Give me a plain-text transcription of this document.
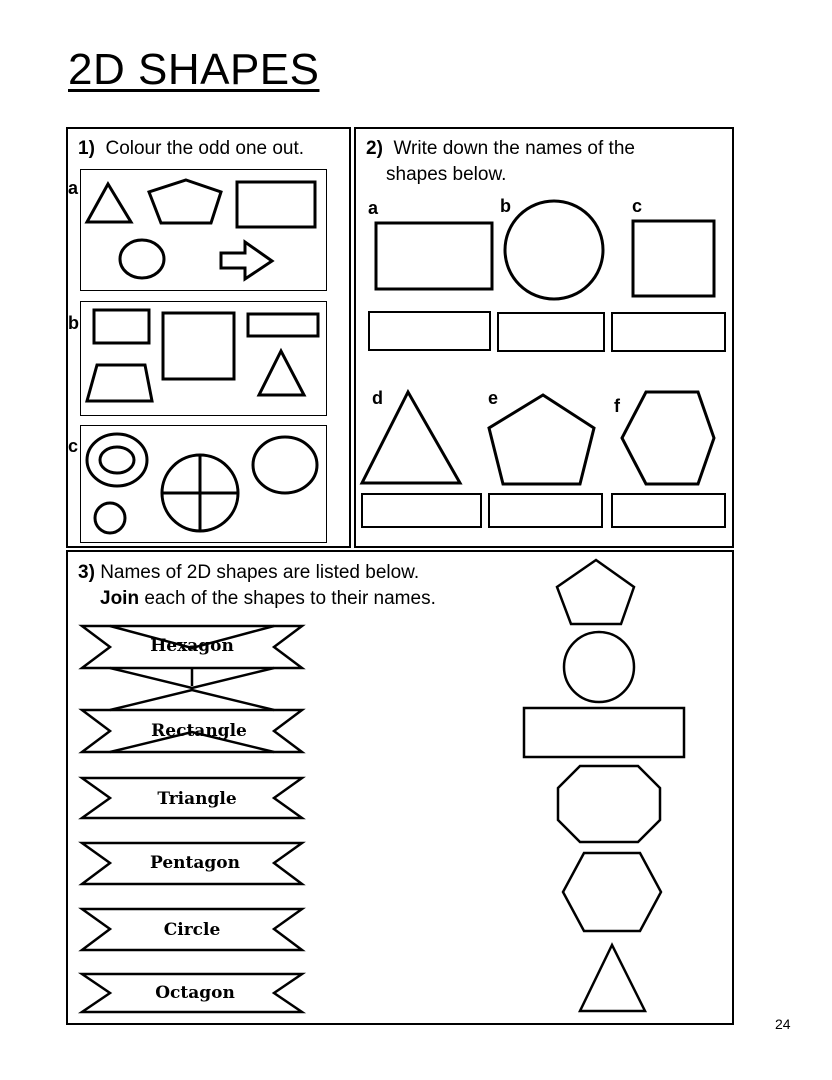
2D SHAPES
1) Colour the odd one out.
a
b
c
2) Write down the names of the
shapes below.
a	b	c
d	e	f
3) Names of 2D shapes are listed below.
Join each of the shapes to their names.
Hexagon
Rectangle
Triangle
Pentagon
Circle
Octagon
24
